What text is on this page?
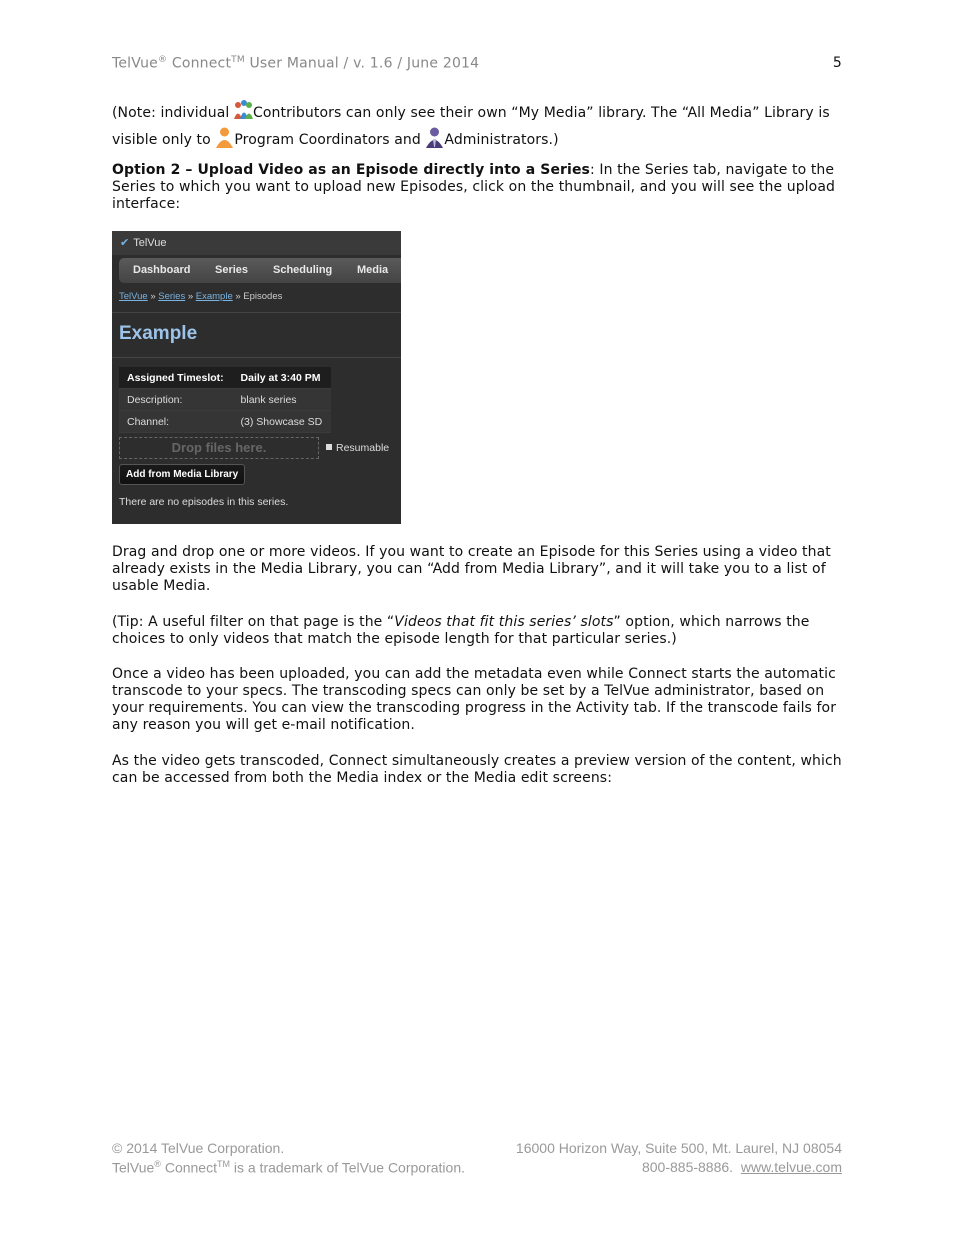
TelVue® Connect™ User Manual / v. 1.6 / June 2014	5
(Note: individual Contributors can only see their own “My Media” library. The “All Media” Library is visible only to Program Coordinators and Administrators.)
Option 2 – Upload Video as an Episode directly into a Series: In the Series tab, navigate to the Series to which you want to upload new Episodes, click on the thumbnail, and you will see the upload interface:
✔ TelVue
Dashboard Series Scheduling Media
TelVue » Series » Example » Episodes
Example
Assigned Timeslot:	Daily at 3:40 PM
Description:	blank series
Channel:	(3) Showcase SD
Drop files here.	Resumable
Add from Media Library
There are no episodes in this series.
Drag and drop one or more videos. If you want to create an Episode for this Series using a video that already exists in the Media Library, you can “Add from Media Library”, and it will take you to a list of usable Media.
(Tip: A useful filter on that page is the “Videos that fit this series’ slots” option, which narrows the choices to only videos that match the episode length for that particular series.)
Once a video has been uploaded, you can add the metadata even while Connect starts the automatic transcode to your specs. The transcoding specs can only be set by a TelVue administrator, based on your requirements. You can view the transcoding progress in the Activity tab. If the transcode fails for any reason you will get e-mail notification.
As the video gets transcoded, Connect simultaneously creates a preview version of the content, which can be accessed from both the Media index or the Media edit screens:
© 2014 TelVue Corporation.
TelVue® Connect™ is a trademark of TelVue Corporation.
16000 Horizon Way, Suite 500, Mt. Laurel, NJ 08054
800-885-8886. www.telvue.com
